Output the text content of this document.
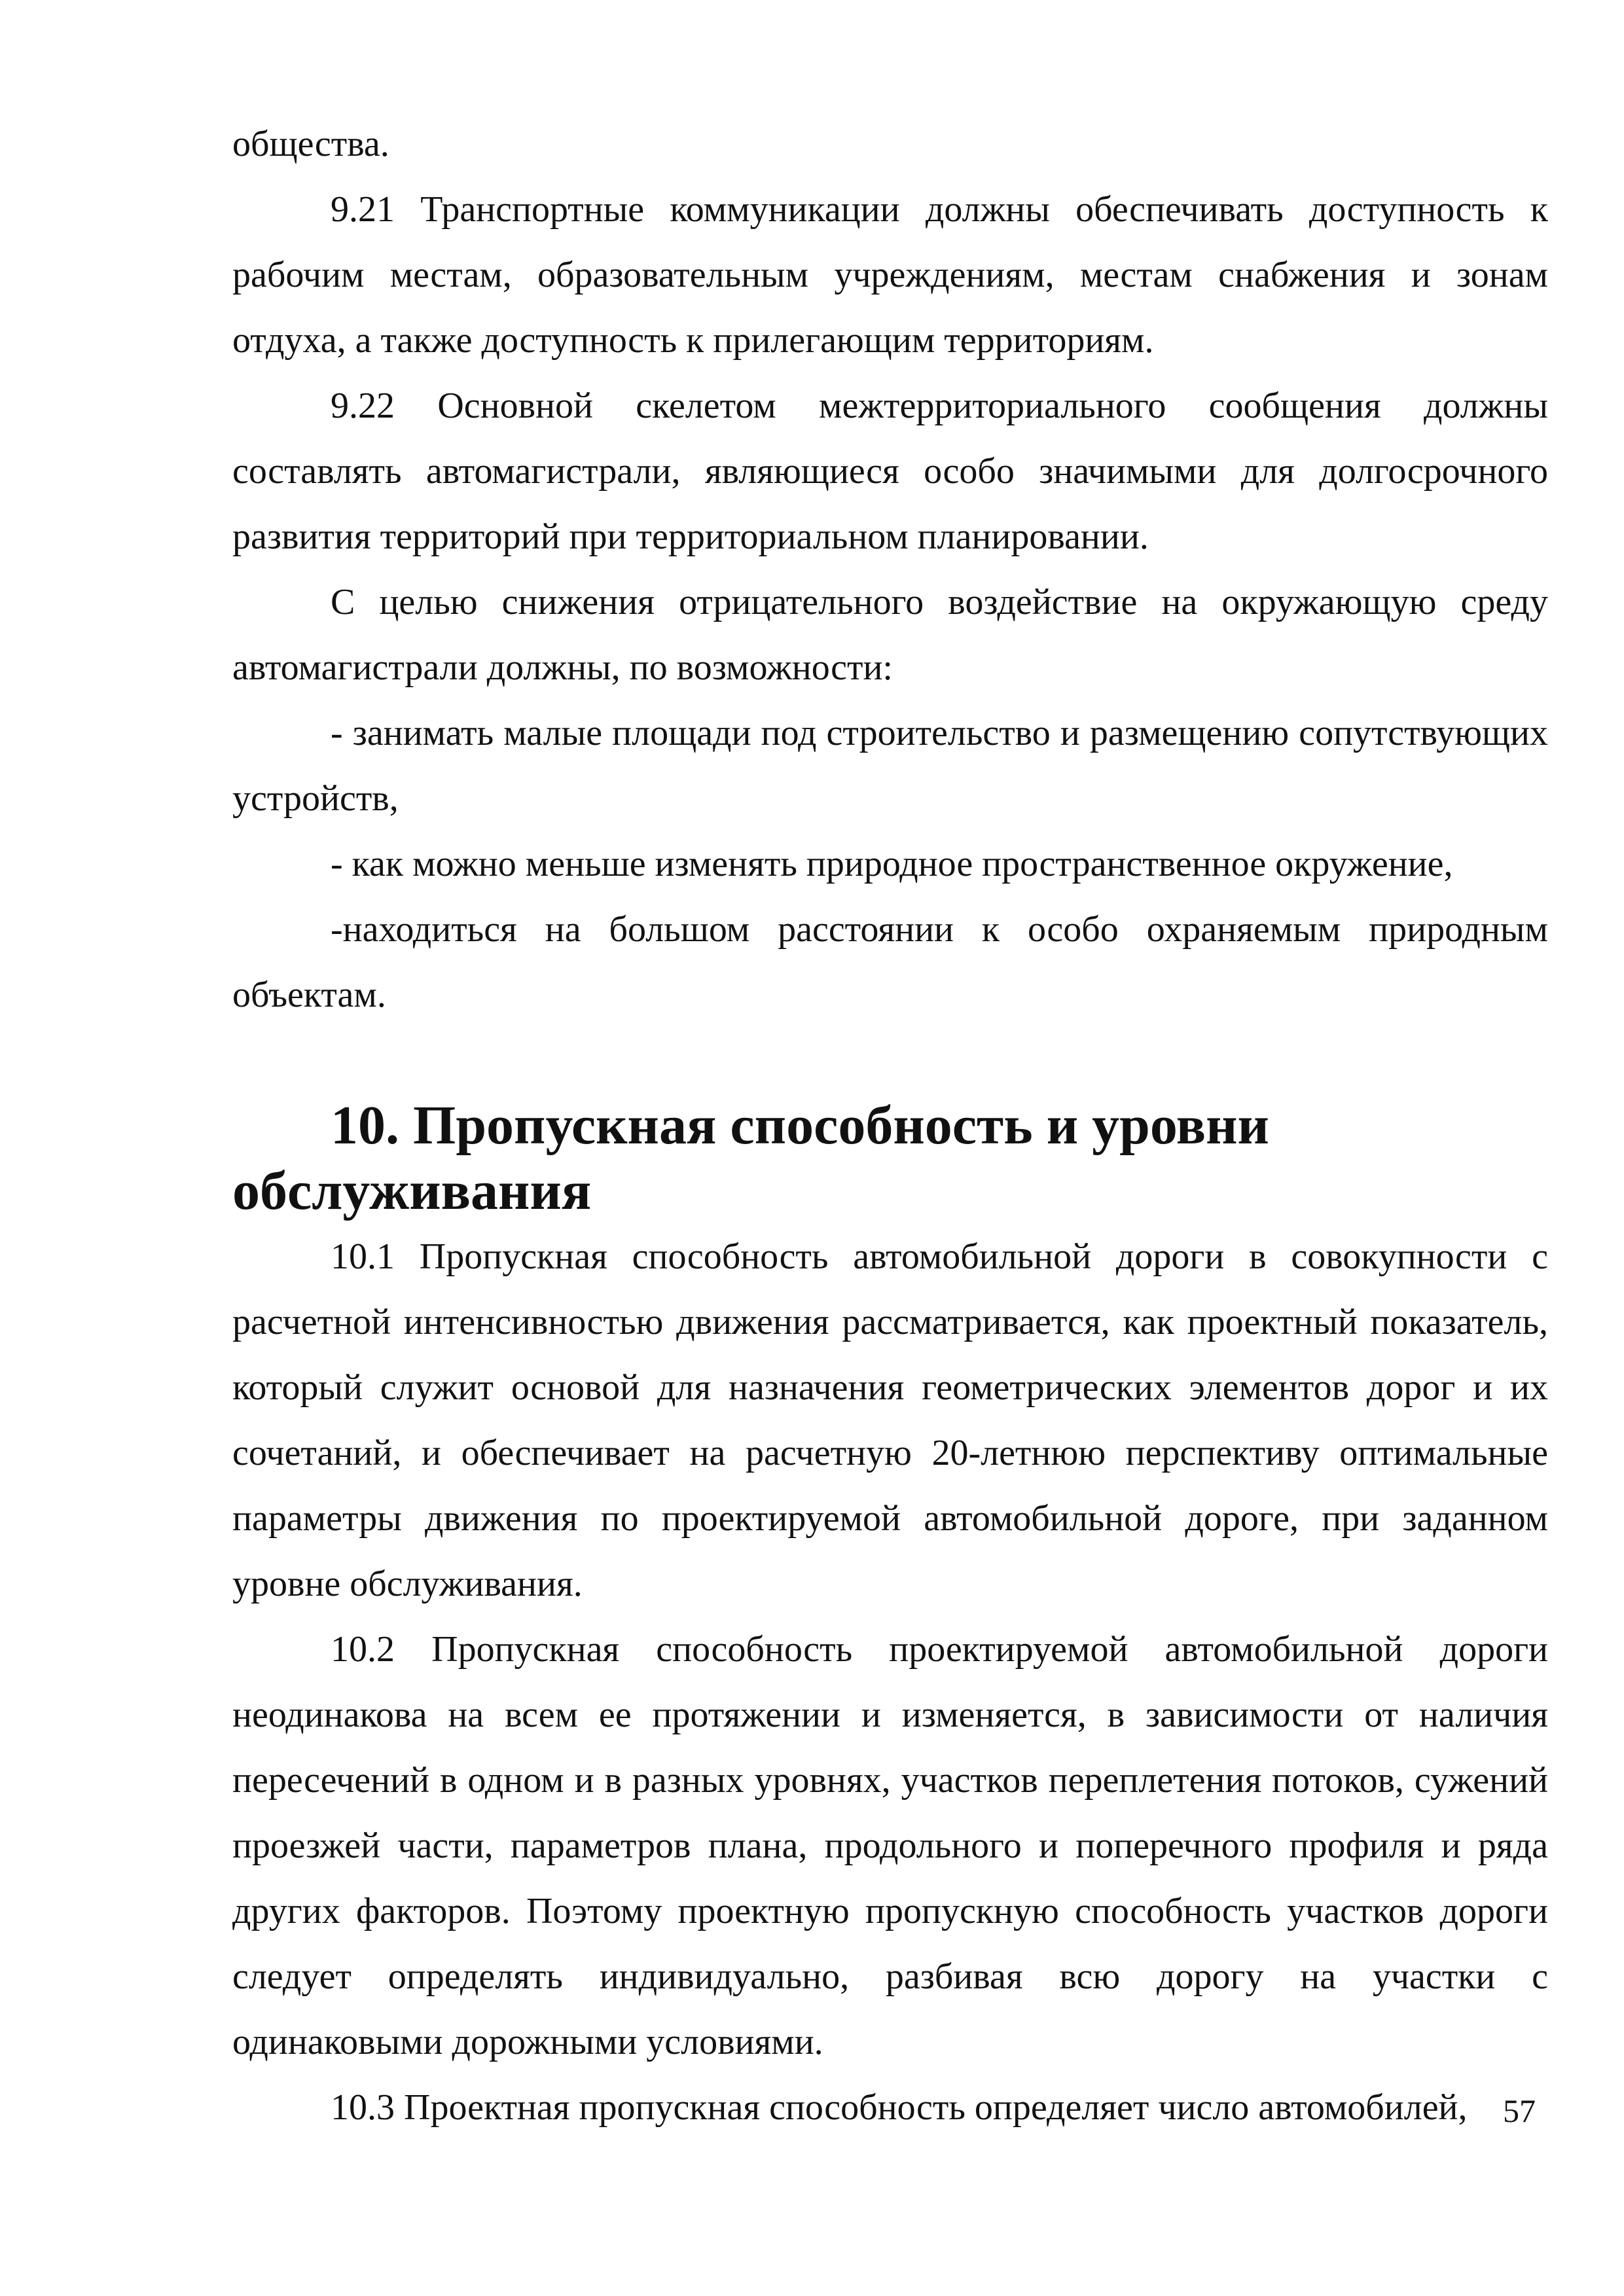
общества.

9.21 Транспортные коммуникации должны обеспечивать доступность к рабочим местам, образовательным учреждениям, местам снабжения и зонам отдуха, а также доступность к прилегающим территориям.

9.22 Основной скелетом межтерриториального сообщения должны составлять автомагистрали, являющиеся особо значимыми для долгосрочного развития территорий при территориальном планировании.

С целью снижения отрицательного воздействие на окружающую среду автомагистрали должны, по возможности:

- занимать малые площади под строительство и размещению сопутствующих устройств,

- как можно меньше изменять природное пространственное окружение,

-находиться на большом расстоянии к особо охраняемым природным объектам.

10. Пропускная способность и уровни обслуживания

10.1 Пропускная способность автомобильной дороги в совокупности с расчетной интенсивностью движения рассматривается, как проектный показатель, который служит основой для назначения геометрических элементов дорог и их сочетаний, и обеспечивает на расчетную 20-летнюю перспективу оптимальные параметры движения по проектируемой автомобильной дороге, при заданном уровне обслуживания.

10.2 Пропускная способность проектируемой автомобильной дороги неодинакова на всем ее протяжении и изменяется, в зависимости от наличия пересечений в одном и в разных уровнях, участков переплетения потоков, сужений проезжей части, параметров плана, продольного и поперечного профиля и ряда других факторов. Поэтому проектную пропускную способность участков дороги следует определять индивидуально, разбивая всю дорогу на участки с одинаковыми дорожными условиями.

10.3 Проектная пропускная способность определяет число автомобилей,	57
